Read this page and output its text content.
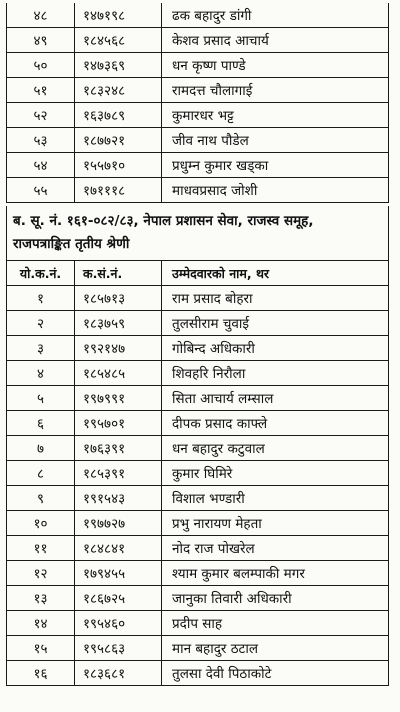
४८	१४७१९८	ढक बहादुर डांगी
४९	१८४५६८	केशव प्रसाद आचार्य
५०	१४७३६९	धन कृष्ण पाण्डे
५१	१८३२४८	रामदत्त चौलागाई
५२	१६३७८९	कुमारधर भट्ट
५३	१८७७२१	जीव नाथ पौडेल
५४	१५५७१०	प्रधुम्न कुमार खड्का
५५	१७१११८	माधवप्रसाद जोशी
ब. सू. नं. १६१-०८२/८३, नेपाल प्रशासन सेवा, राजस्व समूह,
राजपत्राङ्कित तृतीय श्रेणी
यो.क.नं.	क.सं.नं.	उम्मेदवारको नाम, थर
१	१८५७१३	राम प्रसाद बोहरा
२	१८३७५९	तुलसीराम चुवाई
३	१९२१४७	गोबिन्द अधिकारी
४	१८५४८५	शिवहरि निरौला
५	१९७९९१	सिता आचार्य लम्साल
६	१९५७०१	दीपक प्रसाद काफ्ले
७	१७६३९१	धन बहादुर कटुवाल
८	१८५३९१	कुमार घिमिरे
९	१९१५४३	विशाल भण्डारी
१०	१९७७२७	प्रभु नारायण मेहता
११	१८४८४१	नोद राज पोखरेल
१२	१७९४५५	श्याम कुमार बलम्पाकी मगर
१३	१८६७२५	जानुका तिवारी अधिकारी
१४	१९५४६०	प्रदीप साह
१५	१९५८६३	मान बहादुर ठटाल
१६	१८३६८१	तुलसा देवी पिठाकोटे
